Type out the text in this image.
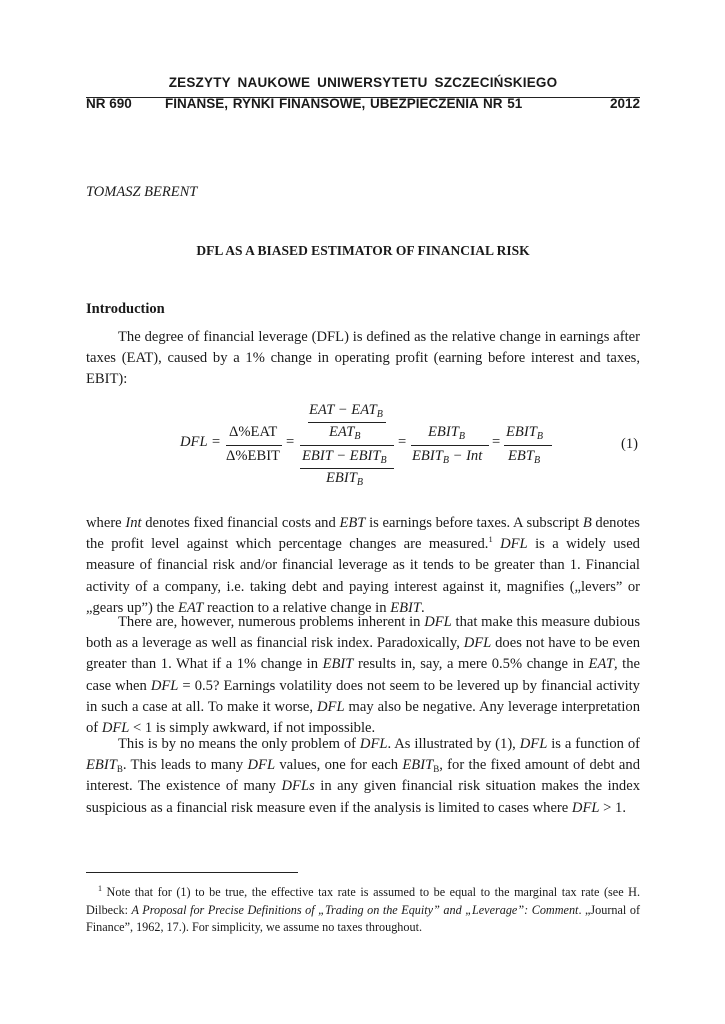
ZESZYTY NAUKOWE UNIWERSYTETU SZCZECIŃSKIEGO
NR 690 FINANSE, RYNKI FINANSOWE, UBEZPIECZENIA NR 51	2012
TOMASZ BERENT
DFL AS A BIASED ESTIMATOR OF FINANCIAL RISK
Introduction

The degree of financial leverage (DFL) is defined as the relative change in earnings after taxes (EAT), caused by a 1% change in operating profit (earning before interest and taxes, EBIT):

DFL =
Δ%EAT
Δ%EBIT
=
EAT − $EAT_B$
$EAT_B$
EBIT − $EBIT_B$
$EBIT_B$
=
$EBIT_B$
$EBIT_B$ − Int
=
$EBIT_B$
$EBT_B$
(1)

where Int denotes fixed financial costs and EBT is earnings before taxes. A subscript B denotes the profit level against which percentage changes are measured.$^1$ DFL is a widely used measure of financial risk and/or financial leverage as it tends to be greater than 1. Financial activity of a company, i.e. taking debt and paying interest against it, magnifies („levers” or „gears up”) the EAT reaction to a relative change in EBIT.

There are, however, numerous problems inherent in DFL that make this measure dubious both as a leverage as well as financial risk index. Paradoxically, DFL does not have to be even greater than 1. What if a 1% change in EBIT results in, say, a mere 0.5% change in EAT, the case when DFL = 0.5? Earnings volatility does not seem to be levered up by financial activity in such a case at all. To make it worse, DFL may also be negative. Any leverage interpretation of DFL < 1 is simply awkward, if not impossible.

This is by no means the only problem of DFL. As illustrated by (1), DFL is a function of $EBIT_B$. This leads to many DFL values, one for each $EBIT_B$, for the fixed amount of debt and interest. The existence of many DFLs in any given financial risk situation makes the index suspicious as a financial risk measure even if the analysis is limited to cases where DFL > 1.

$^1$ Note that for (1) to be true, the effective tax rate is assumed to be equal to the marginal tax rate (see H. Dilbeck: A Proposal for Precise Definitions of „Trading on the Equity” and „Leverage”: Comment. „Journal of Finance”, 1962, 17.). For simplicity, we assume no taxes throughout.
